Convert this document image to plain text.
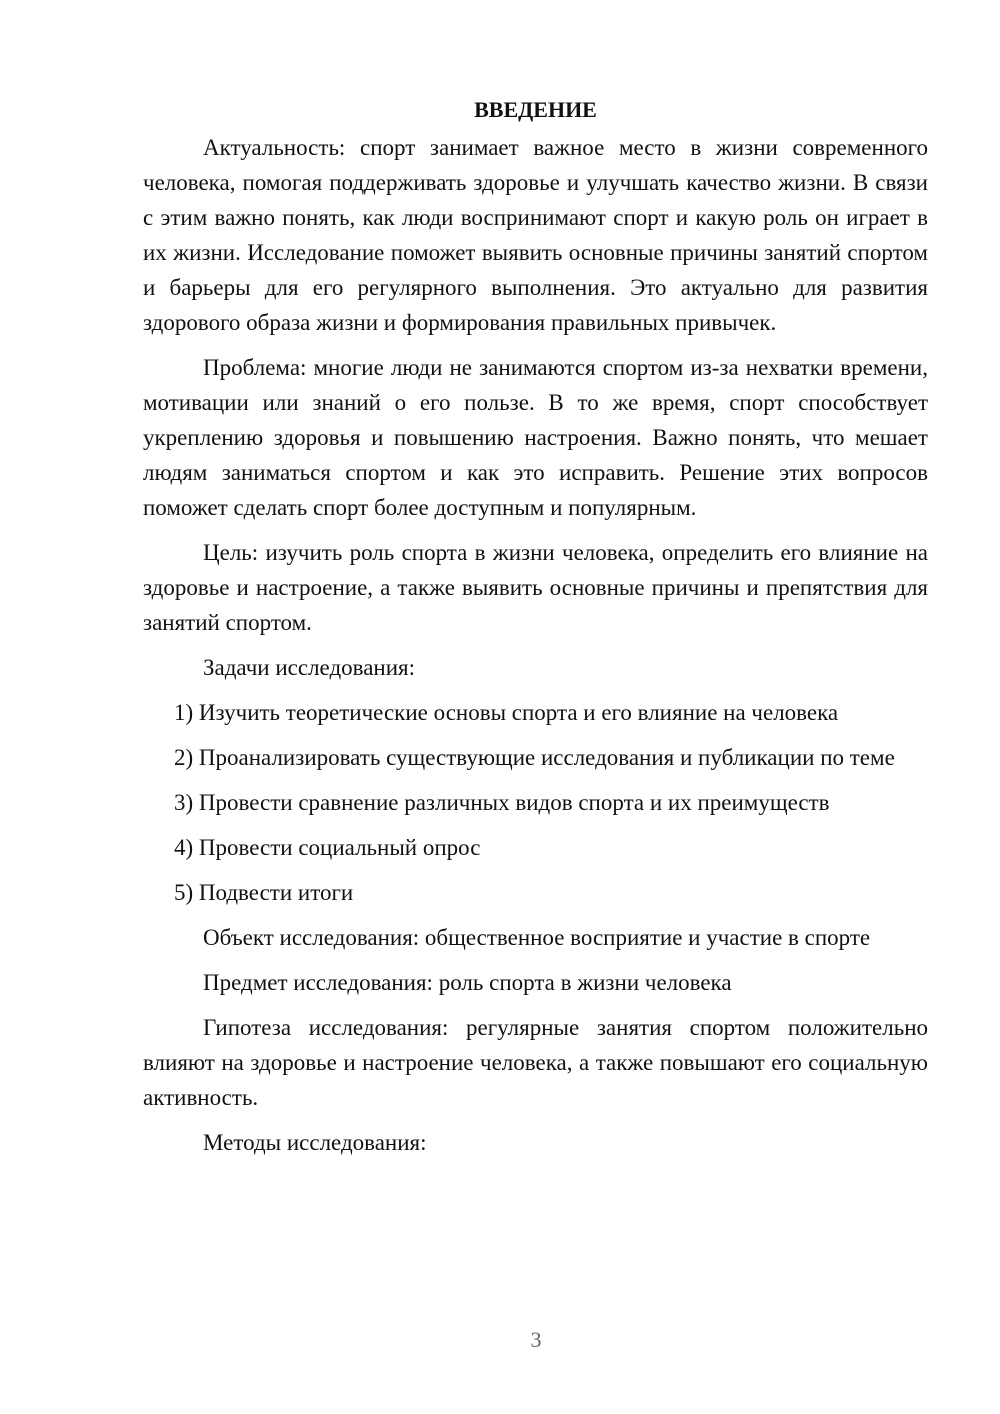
ВВЕДЕНИЕ

Актуальность: спорт занимает важное место в жизни современного человека, помогая поддерживать здоровье и улучшать качество жизни. В связи с этим важно понять, как люди воспринимают спорт и какую роль он играет в их жизни. Исследование поможет выявить основные причины занятий спортом и барьеры для его регулярного выполнения. Это актуально для развития здорового образа жизни и формирования правильных привычек.

Проблема: многие люди не занимаются спортом из-за нехватки времени, мотивации или знаний о его пользе. В то же время, спорт способствует укреплению здоровья и повышению настроения. Важно понять, что мешает людям заниматься спортом и как это исправить. Решение этих вопросов поможет сделать спорт более доступным и популярным.

Цель: изучить роль спорта в жизни человека, определить его влияние на здоровье и настроение, а также выявить основные причины и препятствия для занятий спортом.

Задачи исследования:

1) Изучить теоретические основы спорта и его влияние на человека

2) Проанализировать существующие исследования и публикации по теме

3) Провести сравнение различных видов спорта и их преимуществ

4) Провести социальный опрос

5) Подвести итоги

Объект исследования: общественное восприятие и участие в спорте

Предмет исследования: роль спорта в жизни человека

Гипотеза исследования: регулярные занятия спортом положительно влияют на здоровье и настроение человека, а также повышают его социальную активность.

Методы исследования:

3
